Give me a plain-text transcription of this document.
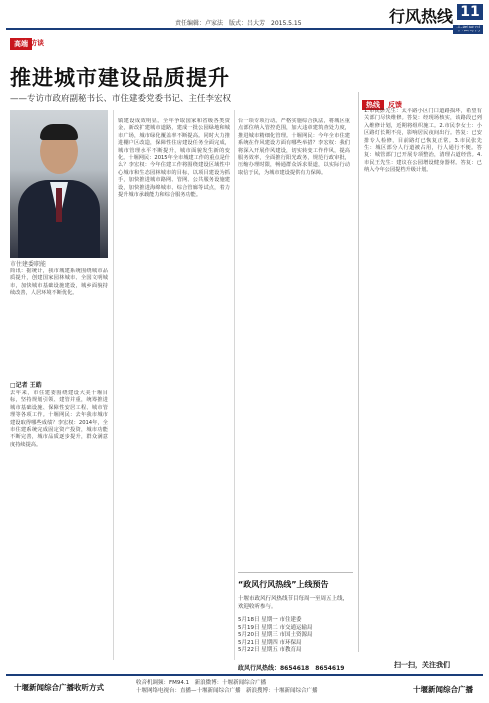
行风热线 11
责任编辑：卢家法　版式：吕大芳　2015.5.15
高端 访谈
推进城市建设品质提升
——专访市政府副秘书长、市住建委党委书记、主任李宏权
市住建委职能
简讯：据统计，我市城建系统围绕城市品质提升，创建国家园林城市、全国文明城市，加快城市基础设施建设，城乡面貌持续改善，人居环境不断优化。
□记者 王皓
去年来，市住建委围绕建设大美十堰目标，坚持规划引领、建管并重，统筹推进城市基础设施、保障性安居工程、城市管理等各项工作。十堰网民：去年我市城市建设取得哪些成绩？李宏权：2014年，全市住建系统完成固定资产投资，城市功能不断完善，城市品质逐步提升，群众满意度持续提高。
镇建设成效明显。全年争取国家和省级各类资金，新改扩建城市道路，建成一批公园绿地和城市广场，城市绿化覆盖率不断提高。同时大力推进棚户区改造，保障性住房建设任务全面完成，城市管理水平不断提升，城市面貌发生新的变化。十堰网民：2015年全市城建工作的重点是什么？李宏权：今年住建工作将围绕建设区域性中心城市和生态园林城市的目标，以项目建设为抓手，加快推进城市路网、管网、公共服务设施建设，加快推进海绵城市、综合管廊等试点，着力提升城市承载能力和综合服务功能。
台一项专项行动。严格实施综合执法，将城区重点部位纳入管控范围，加大违章建筑查处力度，推进城市精细化管理。十堰网民：今年全市住建系统在作风建设方面有哪些举措？李宏权：我们将深入开展作风建设，切实转变工作作风，提高服务效率，全面推行阳光政务，规范行政审批，压缩办理时限，畅通群众诉求渠道，以实际行动取信于民，为城市建设提供有力保障。
“政风行风热线”上线预告
十堰市政风行风热线节目每周一至周五上线，欢迎收听参与。
5月18日 星期一 市住建委
5月19日 星期二 市交通运输局
5月20日 星期三 市国土资源局
5月21日 星期四 市环保局
5月22日 星期五 市教育局
政风行风热线：8654618　8654619
热线 反馈
1.市民彭先生：太平路小区门口道路损坏，希望有关部门尽快维修。答复：经现场核实，该路段已列入维修计划，近期将组织施工。2.市民李女士：小区路灯长期不亮，影响居民夜间出行。答复：已安排专人检修，目前路灯已恢复正常。3.市民张先生：城区部分人行道被占用，行人通行不便。答复：城管部门已开展专项整治，清理占道经营。4.市民王先生：建议在公园增设健身器材。答复：已纳入今年公园提档升级计划。
扫一扫，关注我们
十堰新闻综合广播收听方式	收音机调频：FM94.1　新浪微博：十堰新闻综合广播
十堰网络电视台：直播—十堰新闻综合广播　新浪搜博：十堰新闻综合广播	十堰新闻综合广播
